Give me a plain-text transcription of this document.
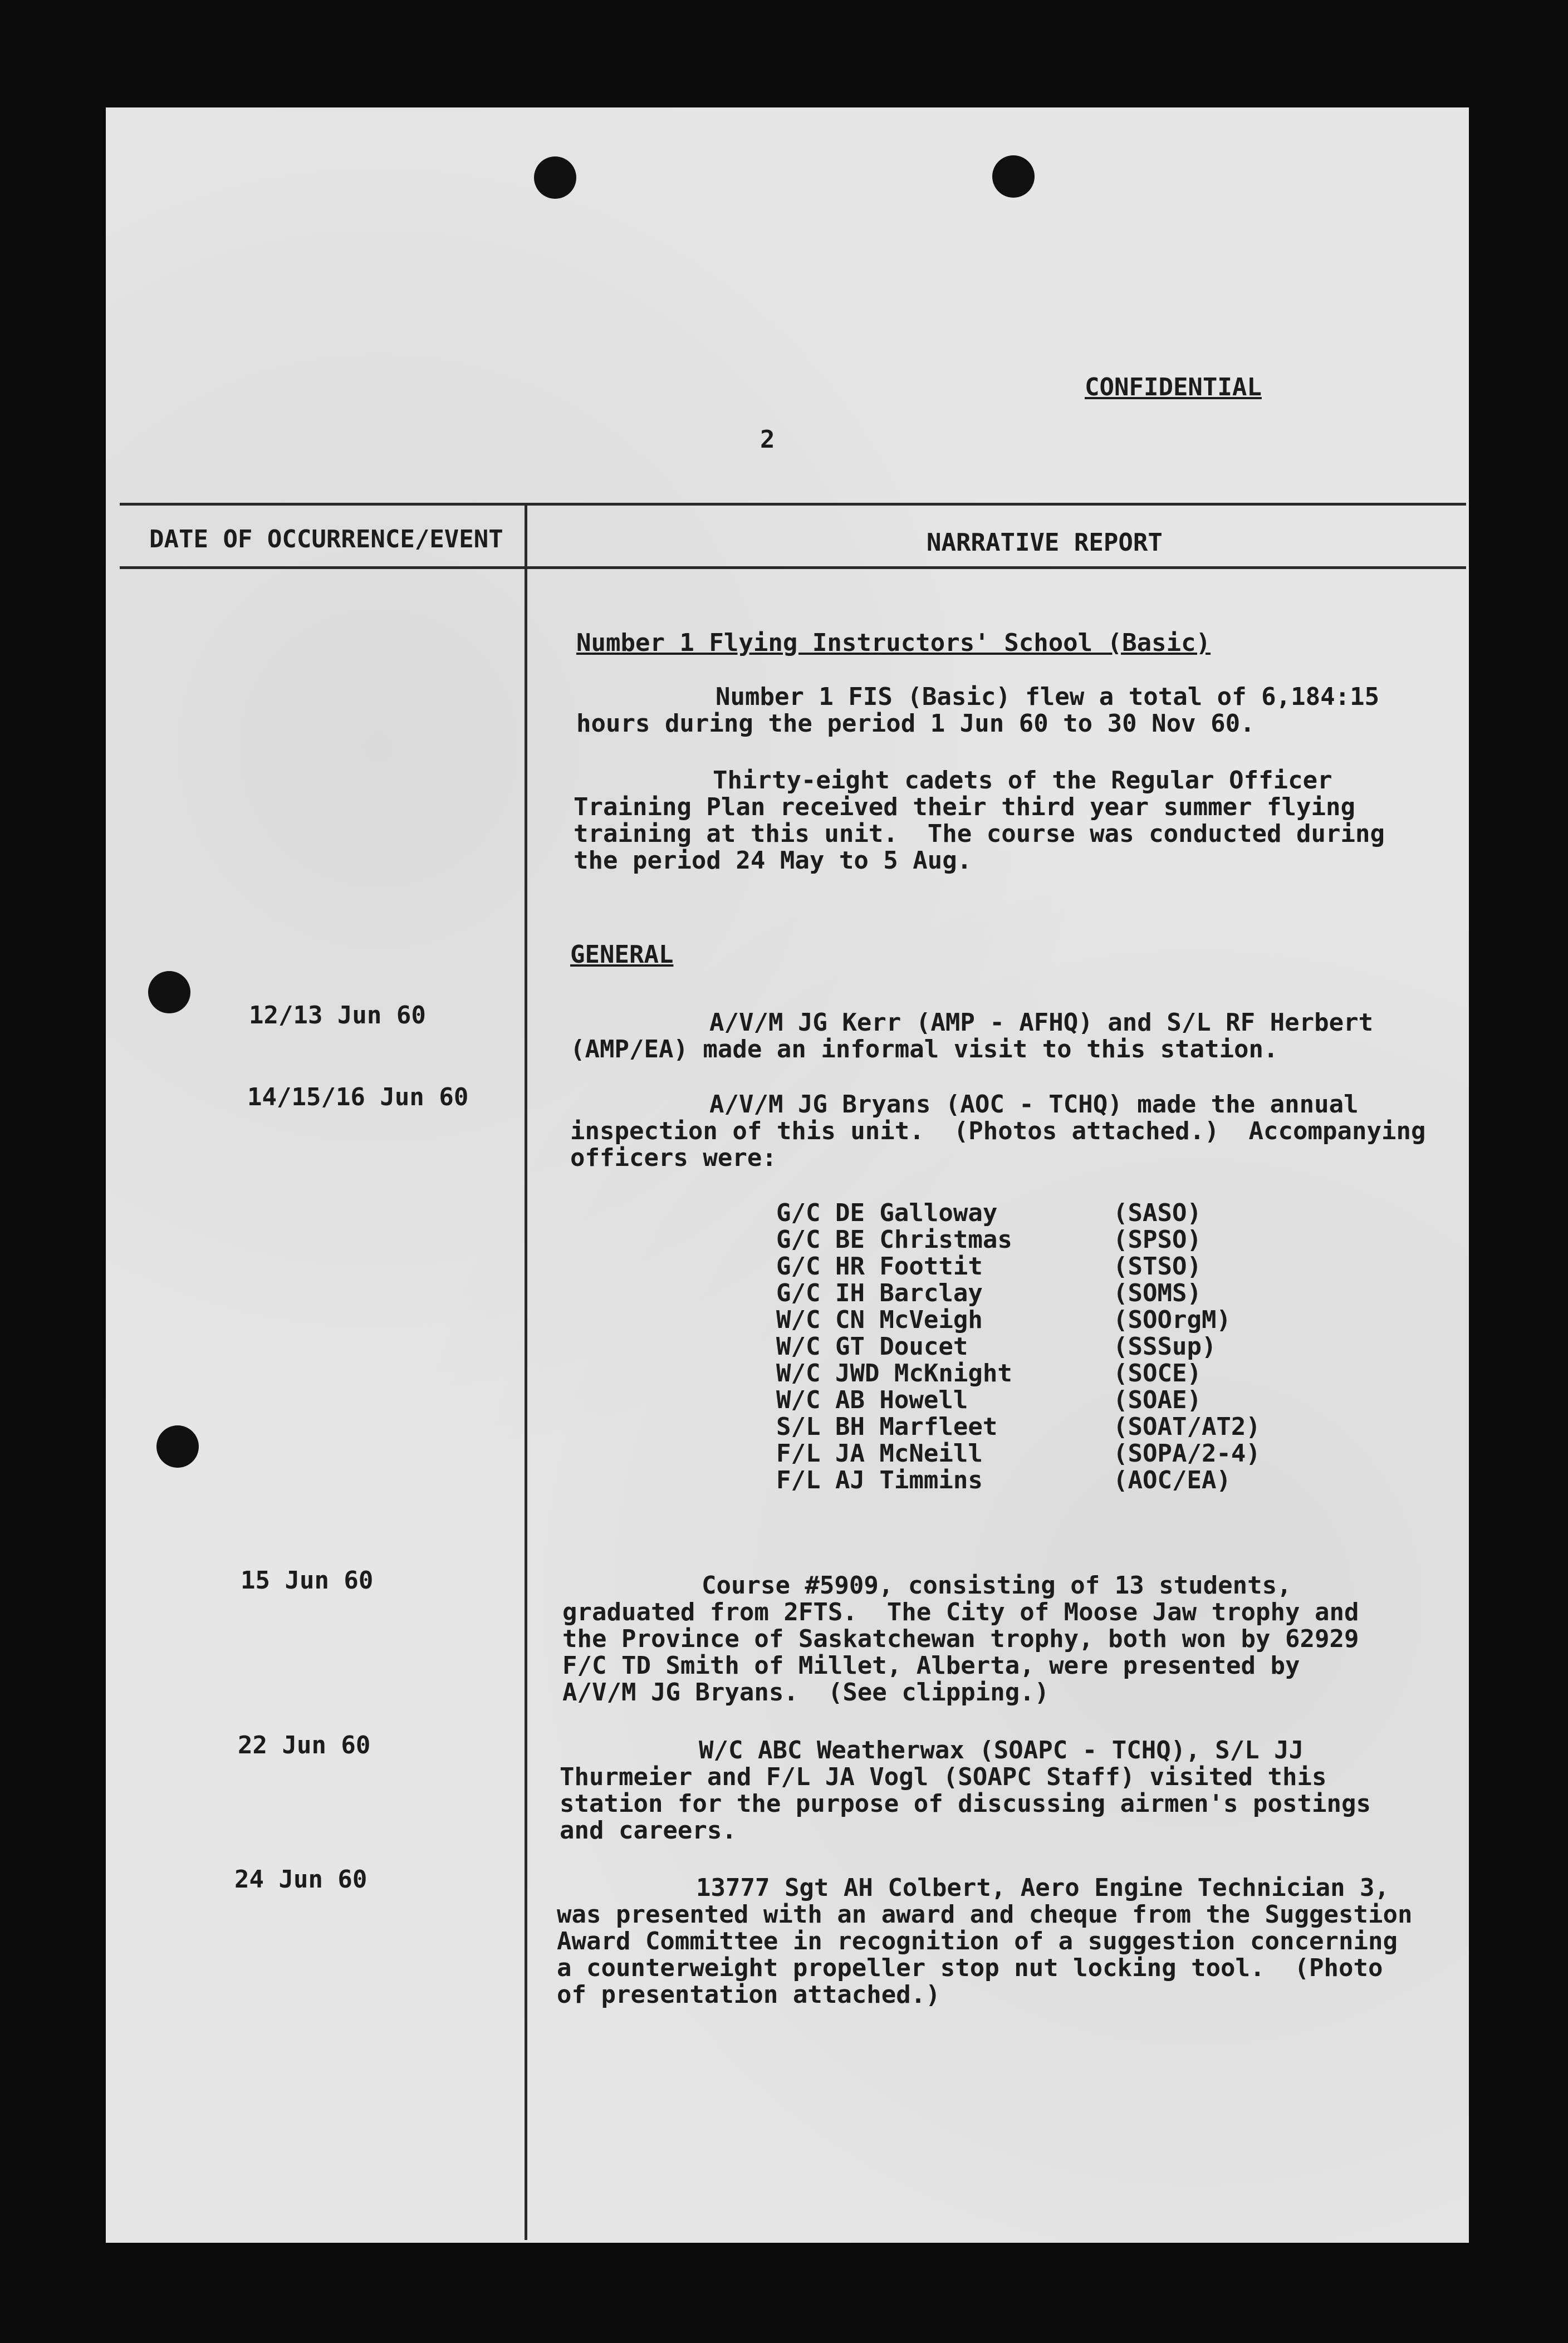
CONFIDENTIAL
2
DATE OF OCCURRENCE/EVENT	NARRATIVE REPORT
Number 1 Flying Instructors' School (Basic)
Number 1 FIS (Basic) flew a total of 6,184:15
hours during the period 1 Jun 60 to 30 Nov 60.
Thirty-eight cadets of the Regular Officer
Training Plan received their third year summer flying
training at this unit.  The course was conducted during
the period 24 May to 5 Aug.
GENERAL
12/13 Jun 60	A/V/M JG Kerr (AMP - AFHQ) and S/L RF Herbert
(AMP/EA) made an informal visit to this station.
14/15/16 Jun 60	A/V/M JG Bryans (AOC - TCHQ) made the annual
inspection of this unit.  (Photos attached.)  Accompanying
officers were:
G/C DE Galloway	(SASO)
G/C BE Christmas	(SPSO)
G/C HR Foottit	(STSO)
G/C IH Barclay	(SOMS)
W/C CN McVeigh	(SOOrgM)
W/C GT Doucet	(SSSup)
W/C JWD McKnight	(SOCE)
W/C AB Howell	(SOAE)
S/L BH Marfleet	(SOAT/AT2)
F/L JA McNeill	(SOPA/2-4)
F/L AJ Timmins	(AOC/EA)
15 Jun 60	Course #5909, consisting of 13 students,
graduated from 2FTS.  The City of Moose Jaw trophy and
the Province of Saskatchewan trophy, both won by 62929
F/C TD Smith of Millet, Alberta, were presented by
A/V/M JG Bryans.  (See clipping.)
22 Jun 60	W/C ABC Weatherwax (SOAPC - TCHQ), S/L JJ
Thurmeier and F/L JA Vogl (SOAPC Staff) visited this
station for the purpose of discussing airmen's postings
and careers.
24 Jun 60	13777 Sgt AH Colbert, Aero Engine Technician 3,
was presented with an award and cheque from the Suggestion
Award Committee in recognition of a suggestion concerning
a counterweight propeller stop nut locking tool.  (Photo
of presentation attached.)
